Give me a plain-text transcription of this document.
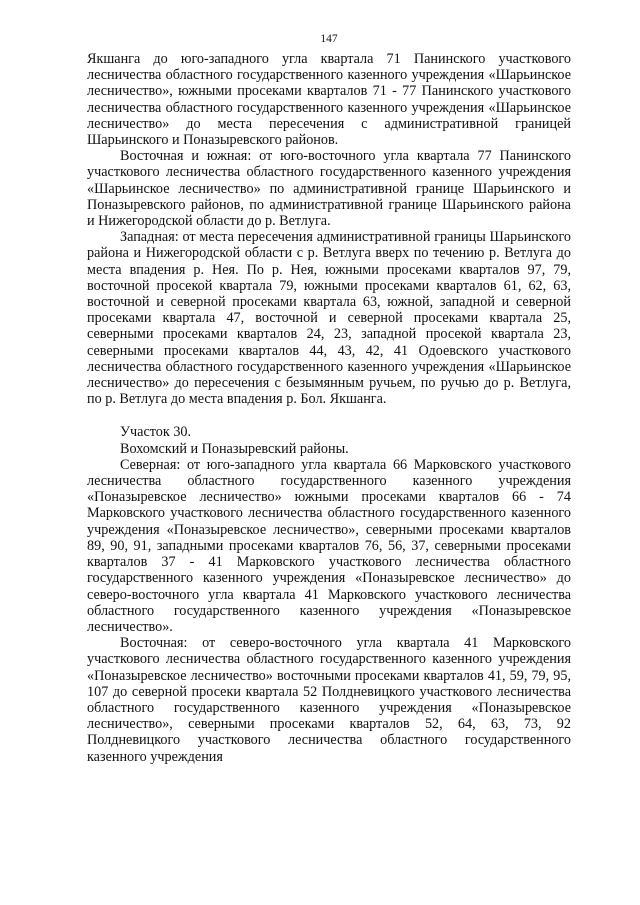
147

Якшанга до юго-западного угла квартала 71 Панинского участкового лесничества областного государственного казенного учреждения «Шарьинское лесничество», южными просеками кварталов 71 - 77 Панинского участкового лесничества областного государственного казенного учреждения «Шарьинское лесничество» до места пересечения с административной границей Шарьинского и Поназыревского районов.

Восточная и южная: от юго-восточного угла квартала 77 Панинского участкового лесничества областного государственного казенного учреждения «Шарьинское лесничество» по административной границе Шарьинского и Поназыревского районов, по административной границе Шарьинского района и Нижегородской области до р. Ветлуга.

Западная: от места пересечения административной границы Шарьинского района и Нижегородской области с р. Ветлуга вверх по течению р. Ветлуга до места впадения р. Нея. По р. Нея, южными просеками кварталов 97, 79, восточной просекой квартала 79, южными просеками кварталов 61, 62, 63, восточной и северной просеками квартала 63, южной, западной и северной просеками квартала 47, восточной и северной просеками квартала 25, северными просеками кварталов 24, 23, западной просекой квартала 23, северными просеками кварталов 44, 43, 42, 41 Одоевского участкового лесничества областного государственного казенного учреждения «Шарьинское лесничество» до пересечения с безымянным ручьем, по ручью до р. Ветлуга, по р. Ветлуга до места впадения р. Бол. Якшанга.

Участок 30.

Вохомский и Поназыревский районы.

Северная: от юго-западного угла квартала 66 Марковского участкового лесничества областного государственного казенного учреждения «Поназыревское лесничество» южными просеками кварталов 66 - 74 Марковского участкового лесничества областного государственного казенного учреждения «Поназыревское лесничество», северными просеками кварталов 89, 90, 91, западными просеками кварталов 76, 56, 37, северными просеками кварталов 37 - 41 Марковского участкового лесничества областного государственного казенного учреждения «Поназыревское лесничество» до северо-восточного угла квартала 41 Марковского участкового лесничества областного государственного казенного учреждения «Поназыревское лесничество».

Восточная: от северо-восточного угла квартала 41 Марковского участкового лесничества областного государственного казенного учреждения «Поназыревское лесничество» восточными просеками кварталов 41, 59, 79, 95, 107 до северной просеки квартала 52 Полдневицкого участкового лесничества областного государственного казенного учреждения «Поназыревское лесничество», северными просеками кварталов 52, 64, 63, 73, 92 Полдневицкого участкового лесничества областного государственного казенного учреждения
